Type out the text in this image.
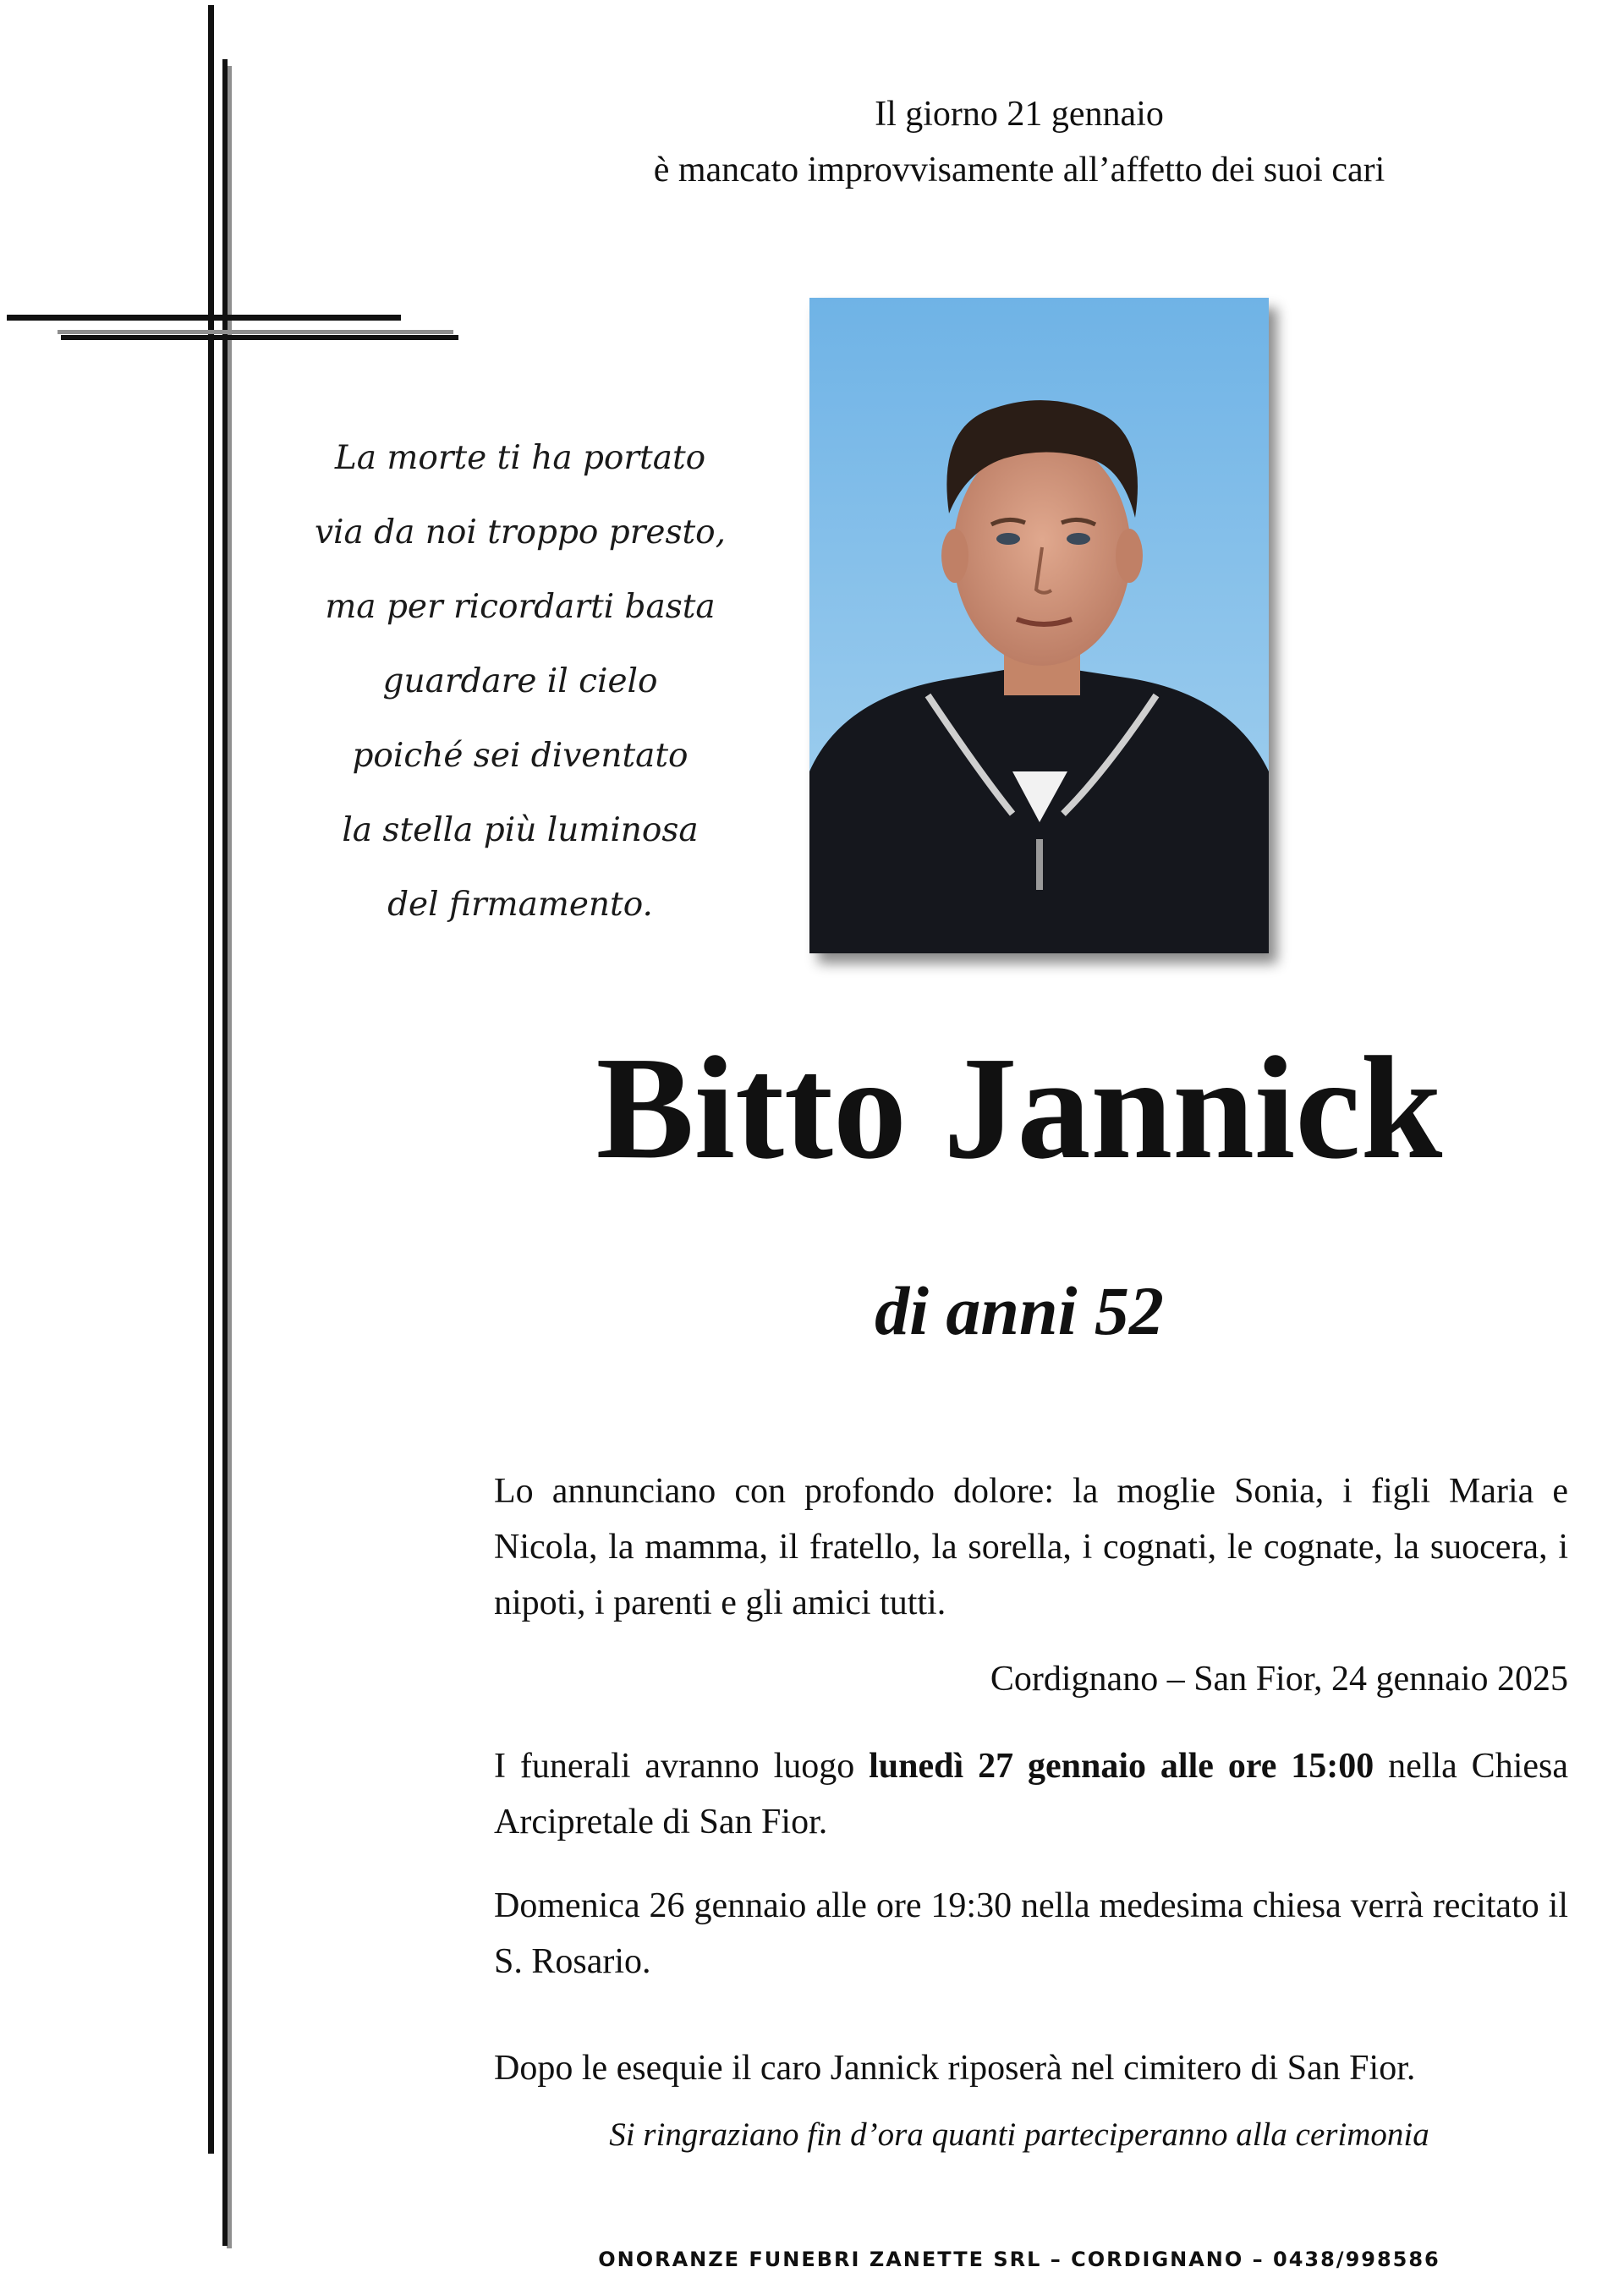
Il giorno 21 gennaio
è mancato improvvisamente all’affetto dei suoi cari
La morte ti ha portato
via da noi troppo presto,
ma per ricordarti basta
guardare il cielo
poiché sei diventato
la stella più luminosa
del firmamento.
Bitto Jannick
di anni 52
Lo annunciano con profondo dolore: la moglie Sonia, i figli Maria e Nicola, la mamma, il fratello, la sorella, i cognati, le cognate, la suocera, i nipoti, i parenti e gli amici tutti.
Cordignano – San Fior, 24 gennaio 2025
I funerali avranno luogo lunedì 27 gennaio alle ore 15:00 nella Chiesa Arcipretale di San Fior.
Domenica 26 gennaio alle ore 19:30 nella medesima chiesa verrà recitato il S. Rosario.
Dopo le esequie il caro Jannick riposerà nel cimitero di San Fior.
Si ringraziano fin d’ora quanti parteciperanno alla cerimonia
ONORANZE FUNEBRI ZANETTE SRL – CORDIGNANO – 0438/998586
